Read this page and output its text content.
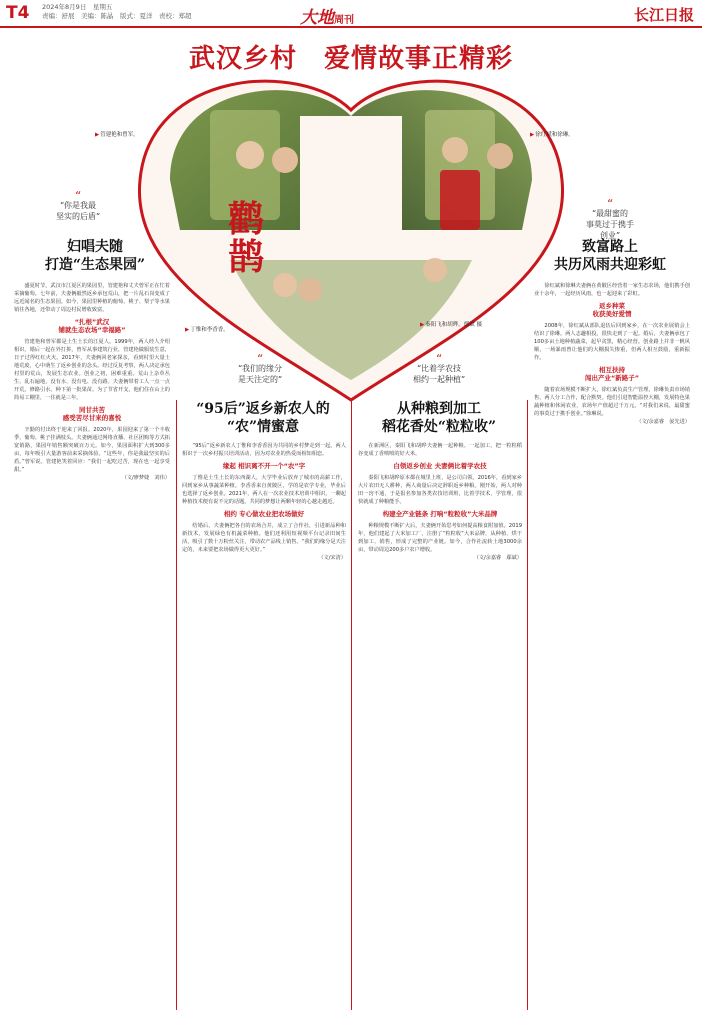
T4 2024年8月9日　星期五
责编：舒展　美编：陈晶　版式：夏洋　责校：郑超	大地周刊	长江日报
武汉乡村　爱情故事正精彩
鹳
鹊
▶ 管建艳和曾军。
▶	徐红斌和徐琳。
▶ 丁惟和李香香。
▶ 秦阳飞和胡晔。鄢斌 摄
“
“你是我最
坚实的后盾”
“
“我们的缘分
是天注定的”
“
“比着学农技
相约一起种植”
“
“最甜蜜的
事莫过于携手
创业”
妇唱夫随
打造“生态果园”

盛夏时节，武汉市江夏区的果园里，管建艳和丈夫曾军正在忙着采摘葡萄。七年前，夫妻俩毅然返乡承包荒山，把一片乱石岗变成了远近闻名的生态果园。如今，果园里种植的葡萄、桃子、梨子等水果销往各地，还带动了周边村民增收致富。

“扎根”武汉
铺就生态农场“幸福路”

管建艳和曾军都是土生土长的江夏人。1999年，两人经人介绍相识，婚后一起在外打拼，曾军从事建筑行业，管建艳做服装生意，日子过得红红火火。2017年，夫妻俩回老家探亲，看到村里大量土地荒废，心中萌生了返乡创业的念头。经过反复考察，两人决定承包村里的荒山，发展生态农业。创业之初，困难重重。荒山上杂草丛生、乱石遍地，没有水、没有电、没有路。夫妻俩带着工人一点一点开荒，修路引水，种下第一批果苗。为了节省开支，他们住在山上的简易工棚里，一住就是三年。

同甘共苦
感受苦尽甘来的喜悦

辛勤的付出终于迎来了回报。2020年，果园迎来了第一个丰收季，葡萄、桃子挂满枝头。夫妻俩通过网络直播、社区团购等方式拓宽销路，果园年销售额突破百万元。如今，果园面积扩大到300多亩，每年吸引大量游客前来采摘体验。“这些年，你是我最坚实的后盾。”曾军说。管建艳笑着回应：“我们一起吃过苦，现在也一起享受甜。”

（文/廖梦婕　刘伟）

“95后”返乡新农人的
“农”情蜜意

“95后”返乡新农人丁惟和李香香因为共同的乡村梦走到一起。两人相识于一次乡村振兴培训活动，因为对农业的热爱而相知相恋。

缘起 相识离不开一个“农”字

丁惟是土生土长的东西湖人，大学毕业后放弃了城市的高薪工作，回到家乡从事蔬菜种植。李香香来自黄陂区，学的是农学专业，毕业后也选择了返乡创业。2021年，两人在一次农业技术培训中相识，一聊起种植技术便有说不完的话题。共同的梦想让两颗年轻的心越走越近。

相约 专心做农业把农场做好

结婚后，夫妻俩把各自的农场合并，成立了合作社，引进新品种和新技术，发展绿色有机蔬菜种植。他们还利用短视频平台记录田间生活，吸引了数十万粉丝关注，带动农产品线上销售。“我们的缘分是天注定的，未来要把农场做得更大更好。”

（文/宋清）

从种粮到加工
稻花香处“粒粒收”

在新洲区，秦阳飞和胡晔夫妻俩一起种粮、一起加工，把一粒粒稻谷变成了香喷喷的好大米。

白领返乡创业 夫妻俩比着学农技

秦阳飞和胡晔原本都在城里上班，是公司白领。2016年，看到家乡大片农田无人耕种，两人商量后决定辞职返乡种粮。刚开始，两人对种田一窍不通，于是报名参加各类农技培训班，比着学技术、学管理，很快就成了种粮能手。

构建全产业链条 打响“粒粒收”大米品牌

种粮规模不断扩大后，夫妻俩开始思考如何提高粮食附加值。2019年，他们建起了大米加工厂，注册了“粒粒收”大米品牌，从种植、烘干到加工、销售，形成了完整的产业链。如今，合作社流转土地3000余亩，带动周边200多户农户增收。

（文/余嘉睿　鄢斌）

致富路上
共历风雨共迎彩虹

徐红斌和徐琳夫妻俩在黄陂区经营着一家生态农场，他们携手创业十余年，一起经历风雨，也一起迎来了彩虹。

返乡种菜
收获美好爱情

2008年，徐红斌从部队退伍后回到家乡，在一次农业展销会上结识了徐琳。两人志趣相投，很快走到了一起。婚后，夫妻俩承包了100多亩土地种植蔬菜，起早贪黑，精心经营。创业路上并非一帆风顺，一场暴雨曾让他们的大棚损失惨重，但两人相互鼓励，重新振作。

相互扶持
闯出产业“新路子”

随着农场规模不断扩大，徐红斌负责生产管理，徐琳负责市场销售，两人分工合作，配合默契。他们引进智能温控大棚，发展特色果蔬种植和休闲农业，农场年产值超过千万元。“对我们来说，最甜蜜的事莫过于携手创业。”徐琳说。

（文/余嘉睿　晏先进）
